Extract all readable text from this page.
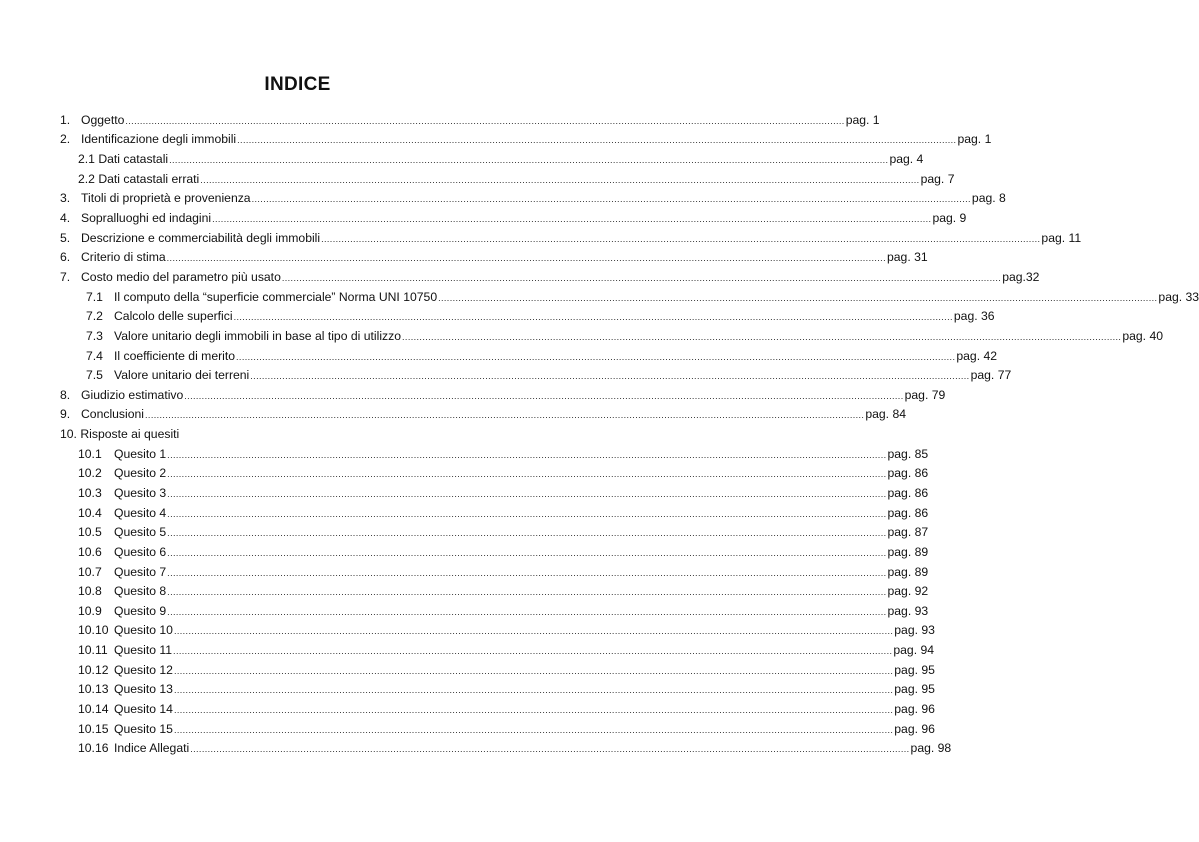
INDICE
1. Oggetto ........................................................................................................................................................................................................................................................ pag. 1
2. Identificazione degli immobili ........................................................................................................................................................................................................................................................ pag. 1
2.1 Dati catastali ........................................................................................................................................................................................................................................................ pag. 4
2.2 Dati catastali errati ........................................................................................................................................................................................................................................................ pag. 7
3. Titoli di proprietà e provenienza ........................................................................................................................................................................................................................................................ pag. 8
4. Sopralluoghi ed indagini ........................................................................................................................................................................................................................................................ pag. 9
5. Descrizione e commerciabilità degli immobili ........................................................................................................................................................................................................................................................ pag. 11
6. Criterio di stima ........................................................................................................................................................................................................................................................ pag. 31
7. Costo medio del parametro più usato ........................................................................................................................................................................................................................................................ pag.32
7.1 Il computo della “superficie commerciale” Norma UNI 10750 ........................................................................................................................................................................................................................................................ pag. 33
7.2 Calcolo delle superfici ........................................................................................................................................................................................................................................................ pag. 36
7.3 Valore unitario degli immobili in base al tipo di utilizzo ........................................................................................................................................................................................................................................................ pag. 40
7.4 Il coefficiente di merito ........................................................................................................................................................................................................................................................ pag. 42
7.5 Valore unitario dei terreni ........................................................................................................................................................................................................................................................ pag. 77
8. Giudizio estimativo ........................................................................................................................................................................................................................................................ pag. 79
9. Conclusioni ........................................................................................................................................................................................................................................................ pag. 84
10. Risposte ai quesiti
10.1 Quesito 1 ........................................................................................................................................................................................................................................................ pag. 85
10.2 Quesito 2 ........................................................................................................................................................................................................................................................ pag. 86
10.3 Quesito 3 ........................................................................................................................................................................................................................................................ pag. 86
10.4 Quesito 4 ........................................................................................................................................................................................................................................................ pag. 86
10.5 Quesito 5 ........................................................................................................................................................................................................................................................ pag. 87
10.6 Quesito 6 ........................................................................................................................................................................................................................................................ pag. 89
10.7 Quesito 7 ........................................................................................................................................................................................................................................................ pag. 89
10.8 Quesito 8 ........................................................................................................................................................................................................................................................ pag. 92
10.9 Quesito 9 ........................................................................................................................................................................................................................................................ pag. 93
10.10 Quesito 10 ........................................................................................................................................................................................................................................................ pag. 93
10.11 Quesito 11 ........................................................................................................................................................................................................................................................ pag. 94
10.12 Quesito 12 ........................................................................................................................................................................................................................................................ pag. 95
10.13 Quesito 13 ........................................................................................................................................................................................................................................................ pag. 95
10.14 Quesito 14 ........................................................................................................................................................................................................................................................ pag. 96
10.15 Quesito 15 ........................................................................................................................................................................................................................................................ pag. 96
10.16 Indice Allegati ........................................................................................................................................................................................................................................................ pag. 98
